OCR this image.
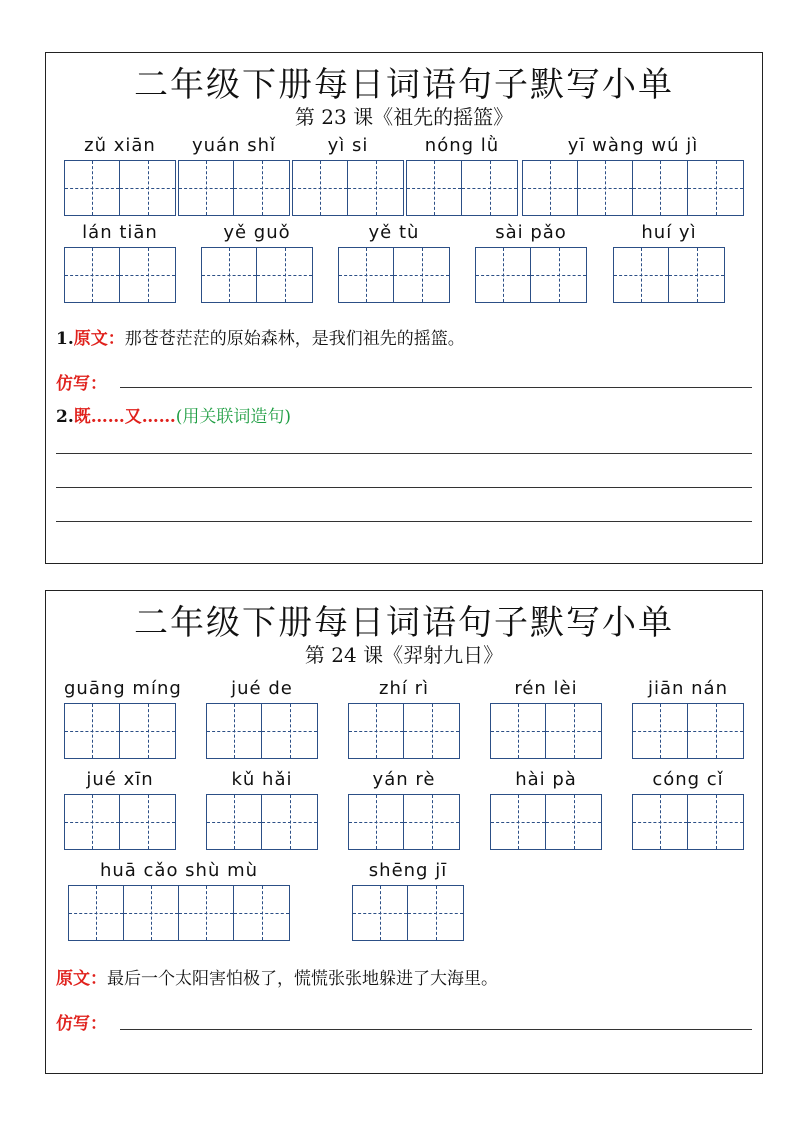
二年级下册每日词语句子默写小单
第 23 课《祖先的摇篮》
zǔ xiān	yuán shǐ	yì si	nóng lǜ	yī wàng wú jì
lán tiān	yě guǒ	yě tù	sài pǎo	huí yì
1.原文：那苍苍茫茫的原始森林，是我们祖先的摇篮。
仿写：
2.既……又……(用关联词造句)
二年级下册每日词语句子默写小单
第 24 课《羿射九日》
guāng míng	jué de	zhí rì	rén lèi	jiān nán
jué xīn	kǔ hǎi	yán rè	hài pà	cóng cǐ
huā cǎo shù mù	shēng jī
原文：最后一个太阳害怕极了，慌慌张张地躲进了大海里。
仿写：
